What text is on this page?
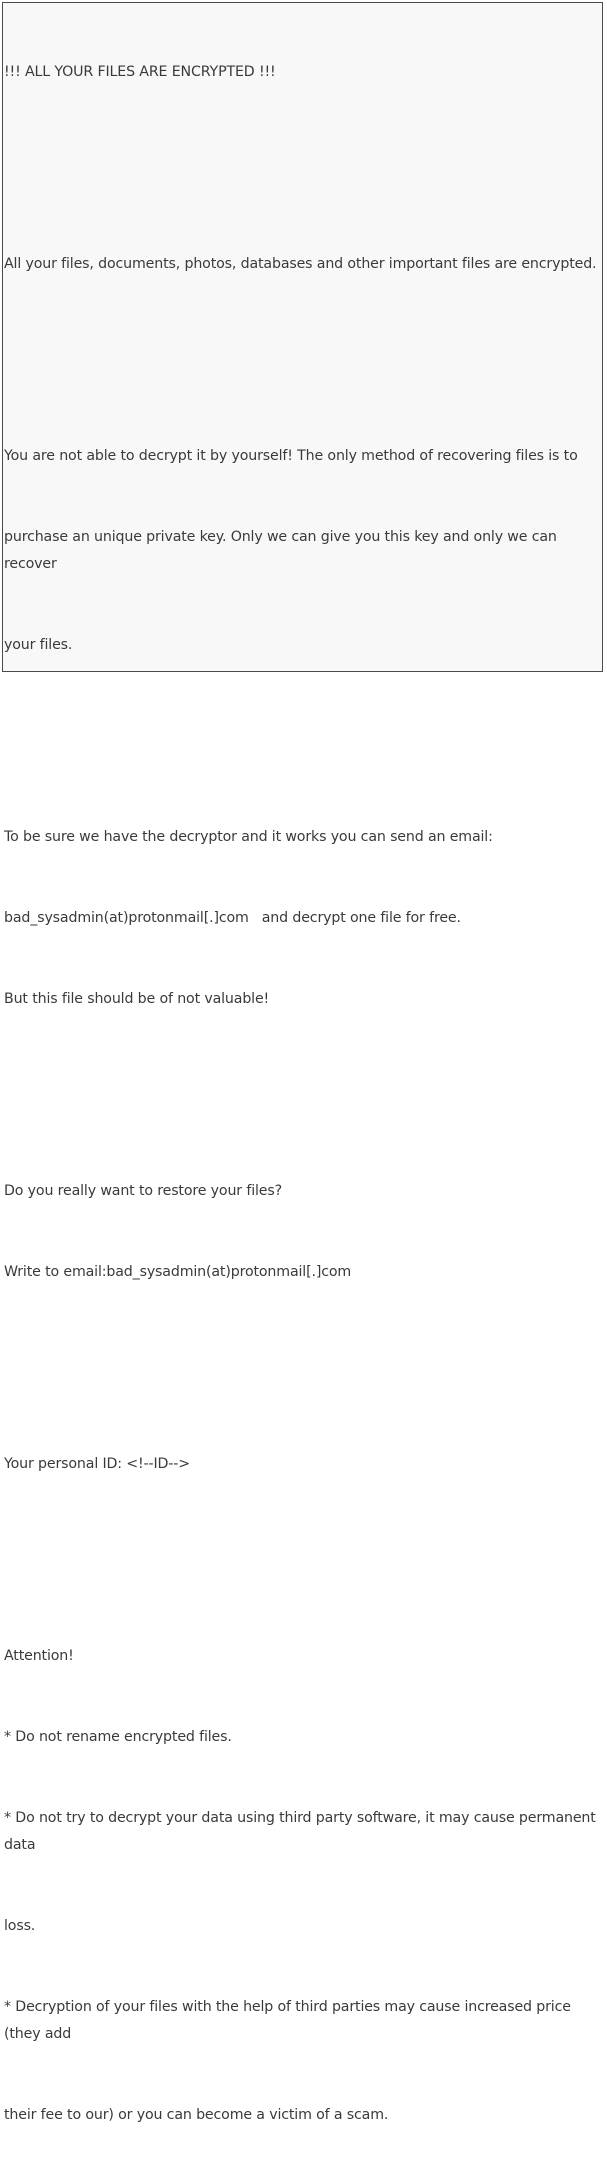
!!! ALL YOUR FILES ARE ENCRYPTED !!!

All your files, documents, photos, databases and other important files are encrypted.

You are not able to decrypt it by yourself! The only method of recovering files is to

purchase an unique private key. Only we can give you this key and only we can recover

your files.

To be sure we have the decryptor and it works you can send an email:

bad_sysadmin(at)protonmail[.]com   and decrypt one file for free.

But this file should be of not valuable!

Do you really want to restore your files?

Write to email:bad_sysadmin(at)protonmail[.]com

Your personal ID: <!--ID-->

Attention!

* Do not rename encrypted files.

* Do not try to decrypt your data using third party software, it may cause permanent data

loss.

* Decryption of your files with the help of third parties may cause increased price (they add

their fee to our) or you can become a victim of a scam.
